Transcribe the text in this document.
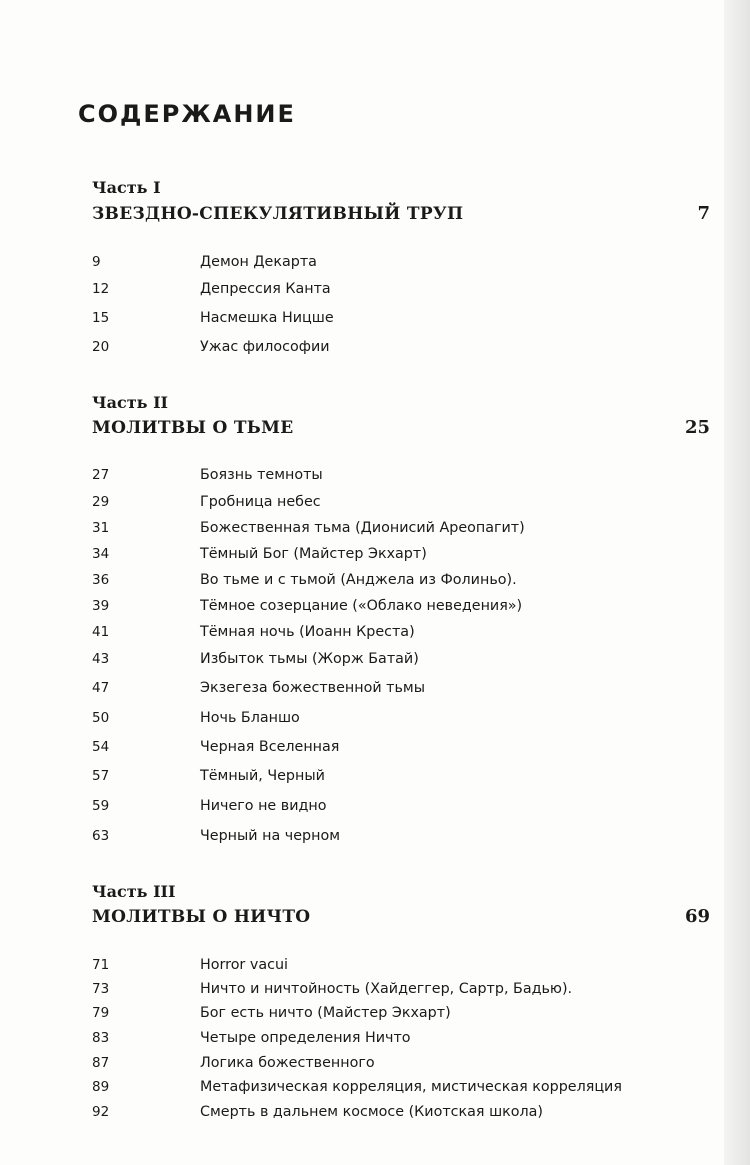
СОДЕРЖАНИЕ
Часть I
ЗВЕЗДНО-СПЕКУЛЯТИВНЫЙ ТРУП	7
9	Демон Декарта
12	Депрессия Канта
15	Насмешка Ницше
20	Ужас философии
Часть II
МОЛИТВЫ О ТЬМЕ	25
27	Боязнь темноты
29	Гробница небес
31	Божественная тьма (Дионисий Ареопагит)
34	Тёмный Бог (Майстер Экхарт)
36	Во тьме и с тьмой (Анджела из Фолиньо).
39	Тёмное созерцание («Облако неведения»)
41	Тёмная ночь (Иоанн Креста)
43	Избыток тьмы (Жорж Батай)
47	Экзегеза божественной тьмы
50	Ночь Бланшо
54	Черная Вселенная
57	Тёмный, Черный
59	Ничего не видно
63	Черный на черном
Часть III
МОЛИТВЫ О НИЧТО	69
71	Horror vacui
73	Ничто и ничтойность (Хайдеггер, Сартр, Бадью).
79	Бог есть ничто (Майстер Экхарт)
83	Четыре определения Ничто
87	Логика божественного
89	Метафизическая корреляция, мистическая корреляция
92	Смерть в дальнем космосе (Киотская школа)
